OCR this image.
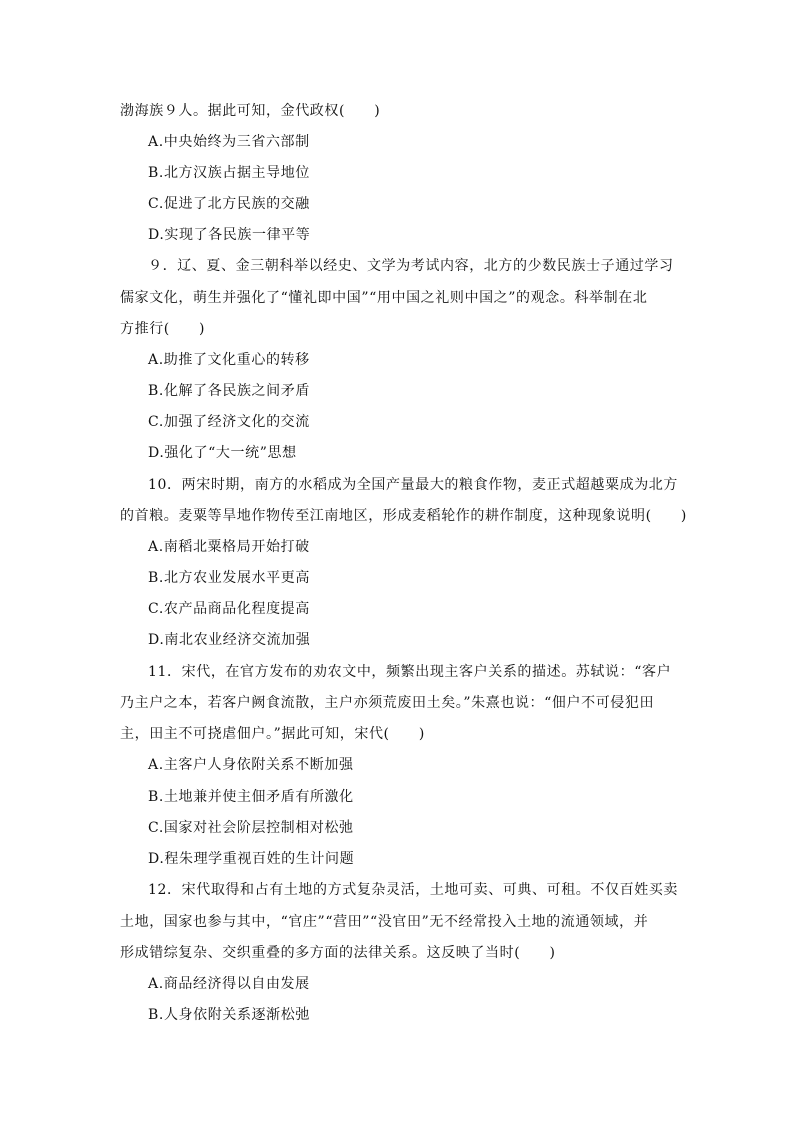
渤海族９人。据此可知，金代政权(　　)
A.中央始终为三省六部制
B.北方汉族占据主导地位
C.促进了北方民族的交融
D.实现了各民族一律平等
９．辽、夏、金三朝科举以经史、文学为考试内容，北方的少数民族士子通过学习
儒家文化，萌生并强化了“懂礼即中国”“用中国之礼则中国之”的观念。科举制在北
方推行(　　)
A.助推了文化重心的转移
B.化解了各民族之间矛盾
C.加强了经济文化的交流
D.强化了“大一统”思想
10．两宋时期，南方的水稻成为全国产量最大的粮食作物，麦正式超越粟成为北方
的首粮。麦粟等旱地作物传至江南地区，形成麦稻轮作的耕作制度，这种现象说明(　　)
A.南稻北粟格局开始打破
B.北方农业发展水平更高
C.农产品商品化程度提高
D.南北农业经济交流加强
11．宋代，在官方发布的劝农文中，频繁出现主客户关系的描述。苏轼说：“客户
乃主户之本，若客户阙食流散，主户亦须荒废田土矣。”朱熹也说：“佃户不可侵犯田
主，田主不可挠虐佃户。”据此可知，宋代(　　)
A.主客户人身依附关系不断加强
B.土地兼并使主佃矛盾有所激化
C.国家对社会阶层控制相对松弛
D.程朱理学重视百姓的生计问题
12．宋代取得和占有土地的方式复杂灵活，土地可卖、可典、可租。不仅百姓买卖
土地，国家也参与其中，“官庄”“营田”“没官田”无不经常投入土地的流通领域，并
形成错综复杂、交织重叠的多方面的法律关系。这反映了当时(　　)
A.商品经济得以自由发展
B.人身依附关系逐渐松弛
